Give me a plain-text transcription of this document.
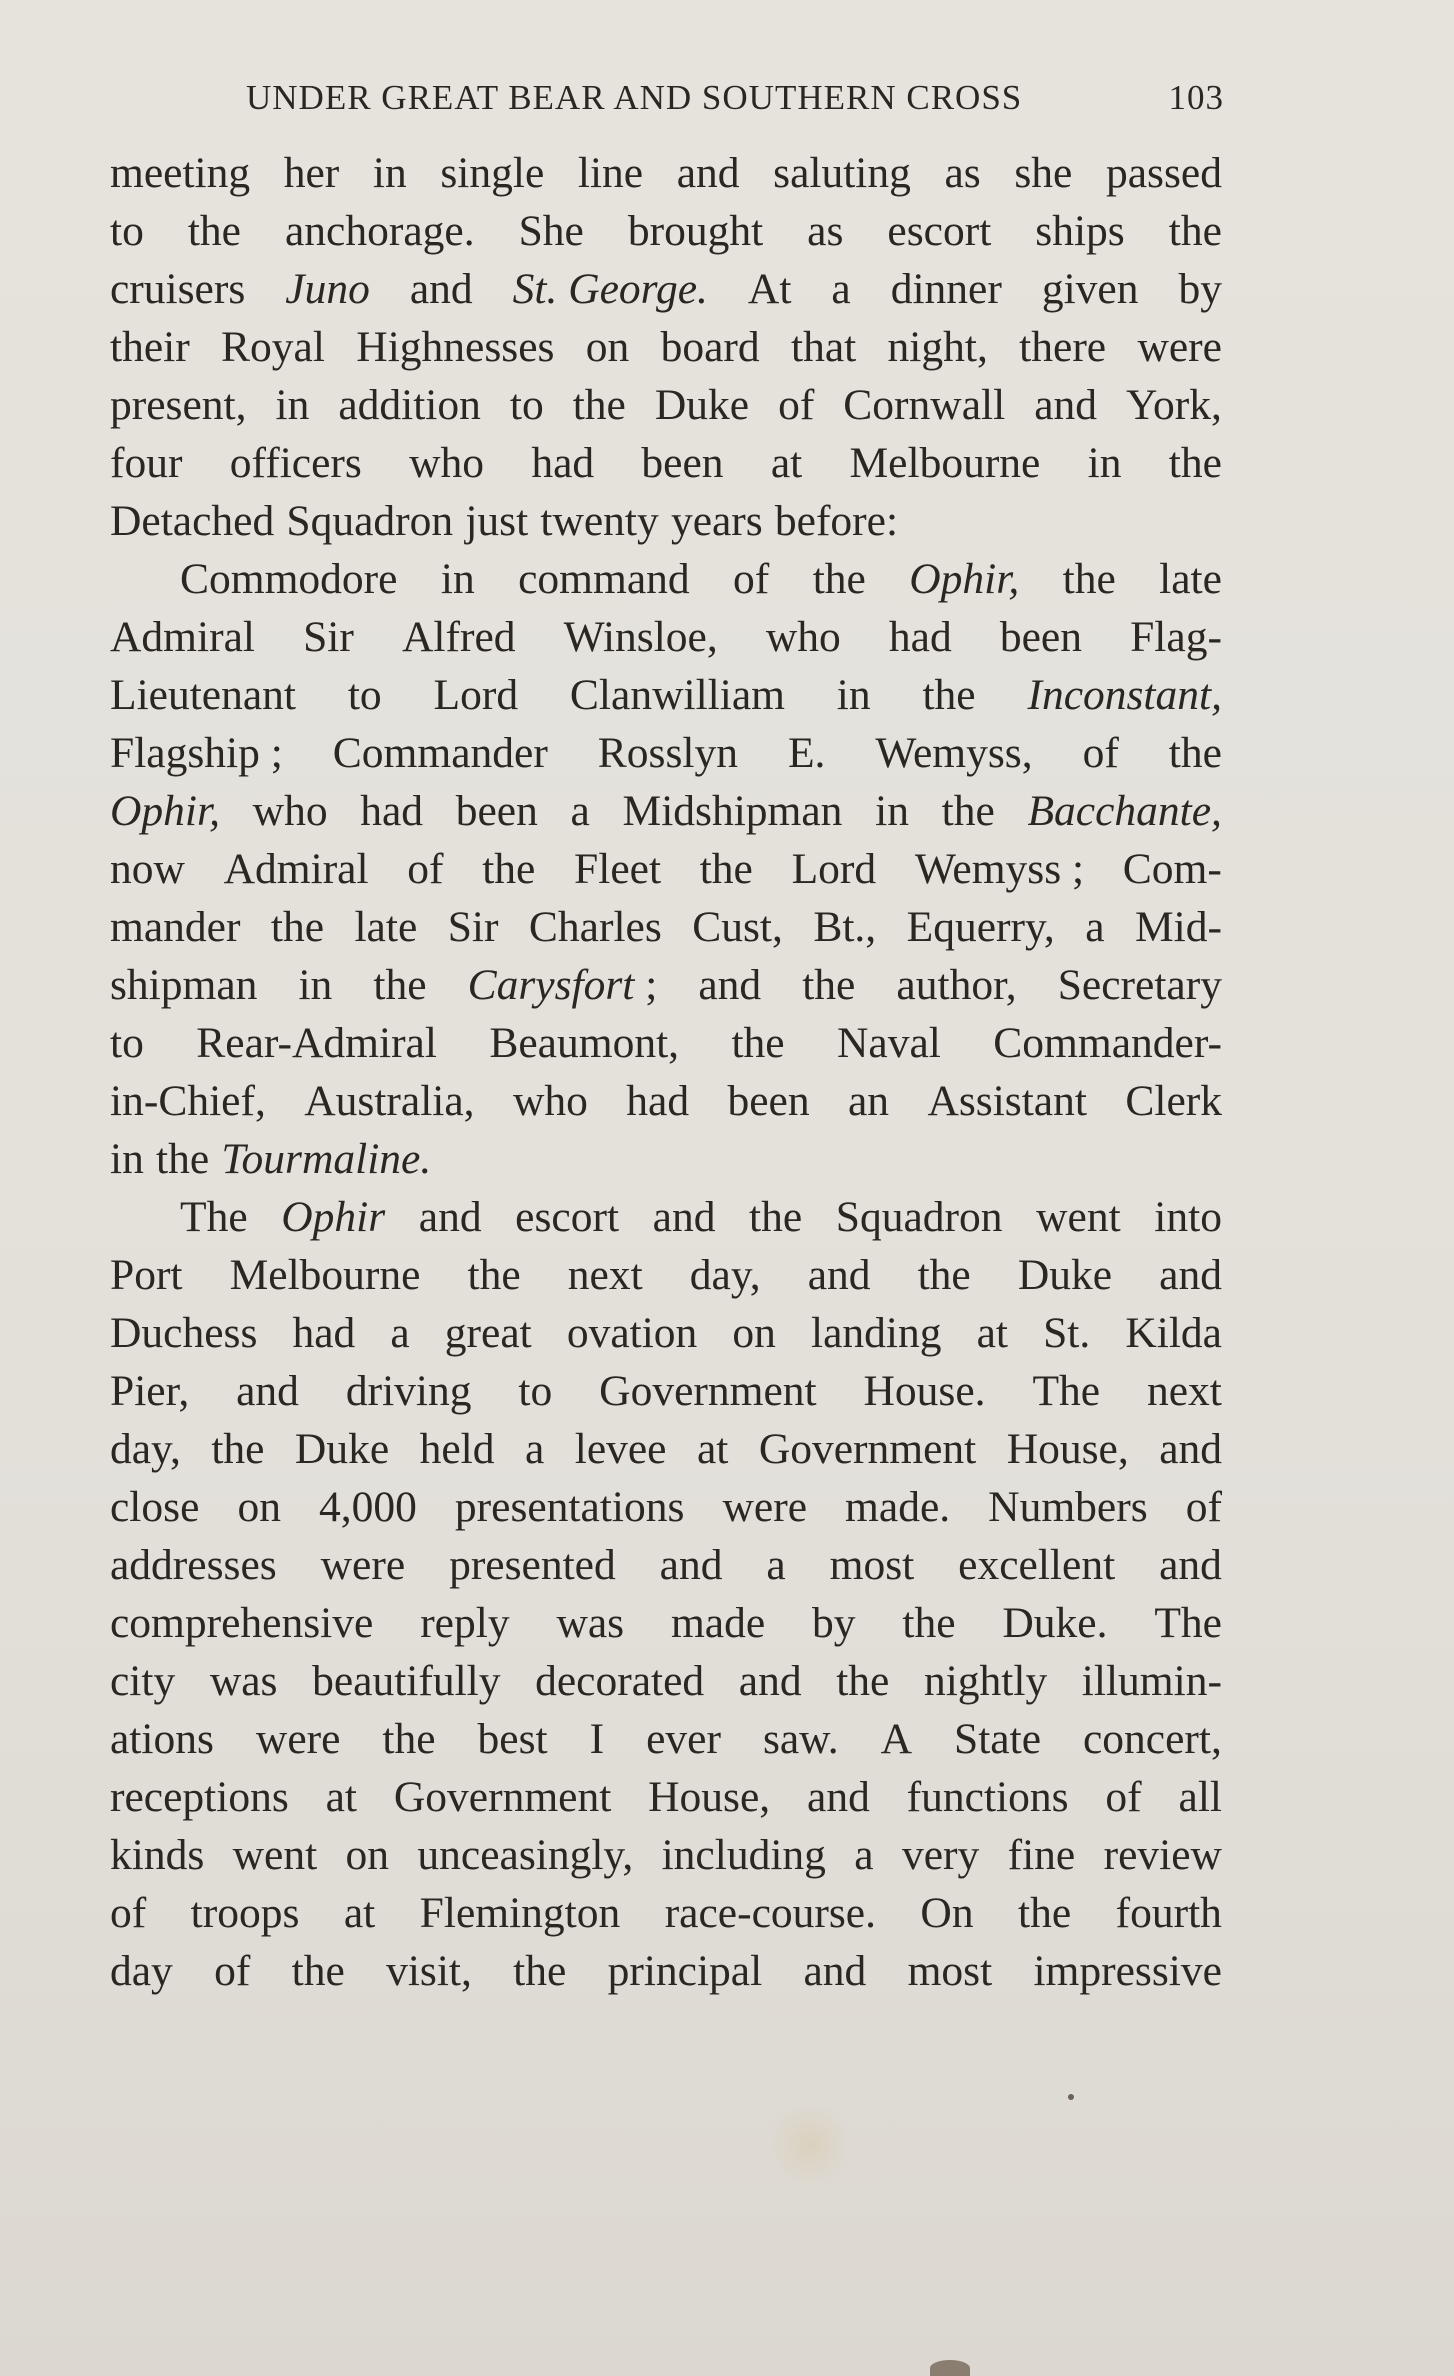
UNDER GREAT BEAR AND SOUTHERN CROSS	103
meeting her in single line and saluting as she passed
to the anchorage. She brought as escort ships the
cruisers Juno and St. George. At a dinner given by
their Royal Highnesses on board that night, there were
present, in addition to the Duke of Cornwall and York,
four officers who had been at Melbourne in the
Detached Squadron just twenty years before:
Commodore in command of the Ophir, the late
Admiral Sir Alfred Winsloe, who had been Flag-
Lieutenant to Lord Clanwilliam in the Inconstant,
Flagship ; Commander Rosslyn E. Wemyss, of the
Ophir, who had been a Midshipman in the Bacchante,
now Admiral of the Fleet the Lord Wemyss ; Com-
mander the late Sir Charles Cust, Bt., Equerry, a Mid-
shipman in the Carysfort ; and the author, Secretary
to Rear-Admiral Beaumont, the Naval Commander-
in-Chief, Australia, who had been an Assistant Clerk
in the Tourmaline.
The Ophir and escort and the Squadron went into
Port Melbourne the next day, and the Duke and
Duchess had a great ovation on landing at St. Kilda
Pier, and driving to Government House. The next
day, the Duke held a levee at Government House, and
close on 4,000 presentations were made. Numbers of
addresses were presented and a most excellent and
comprehensive reply was made by the Duke. The
city was beautifully decorated and the nightly illumin-
ations were the best I ever saw. A State concert,
receptions at Government House, and functions of all
kinds went on unceasingly, including a very fine review
of troops at Flemington race-course. On the fourth
day of the visit, the principal and most impressive
